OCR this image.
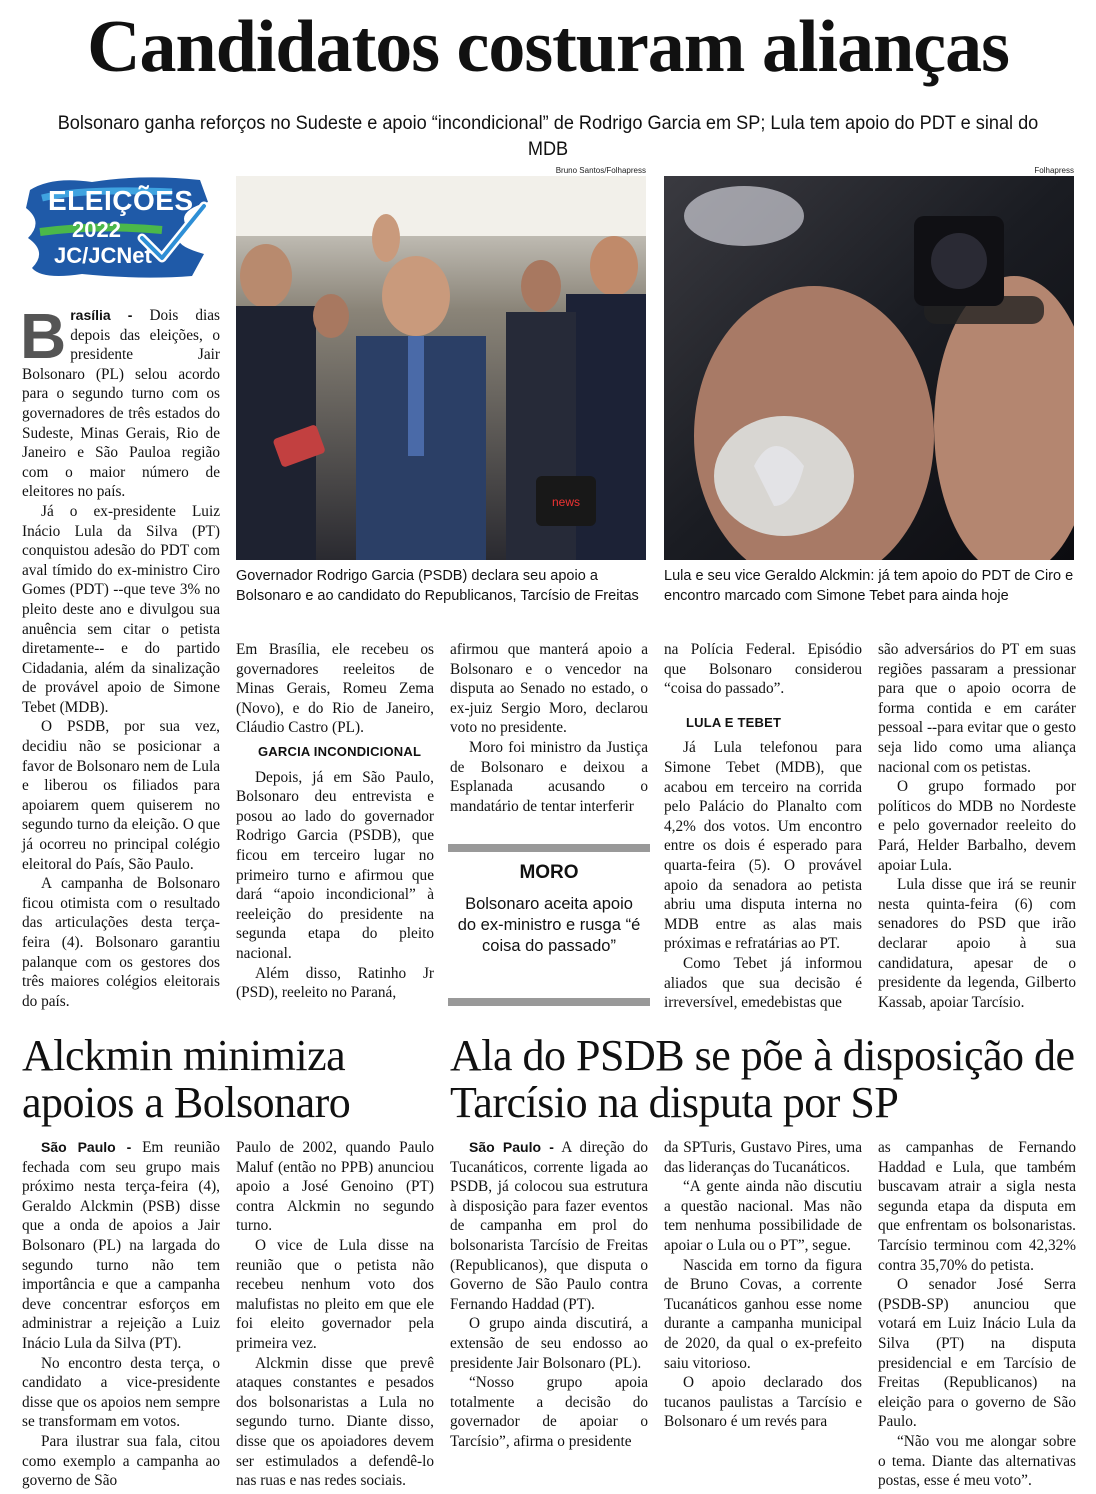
Candidatos costuram alianças
Bolsonaro ganha reforços no Sudeste e apoio “incondicional” de Rodrigo Garcia em SP; Lula tem apoio do PDT e sinal do MDB
ELEIÇÕES
2022
JC/JCNet
Bruno Santos/Folhapress
news
Governador Rodrigo Garcia (PSDB) declara seu apoio a Bolsonaro e ao candidato do Republicanos, Tarcísio de Freitas
Folhapress
Lula e seu vice Geraldo Alckmin: já tem apoio do PDT de Ciro e encontro marcado com Simone Tebet para ainda hoje
B rasília - Dois dias depois das eleições, o presidente Jair Bolsonaro (PL) selou acordo para o segundo turno com os governadores de três estados do Sudeste, Minas Gerais, Rio de Janeiro e São Pauloa região com o maior número de eleitores no país.

Já o ex-presidente Luiz Inácio Lula da Silva (PT) conquistou adesão do PDT com aval tímido do ex-ministro Ciro Gomes (PDT) --que teve 3% no pleito deste ano e divulgou sua anuência sem citar o petista diretamente-- e do partido Cidadania, além da sinalização de provável apoio de Simone Tebet (MDB).

O PSDB, por sua vez, decidiu não se posicionar a favor de Bolsonaro nem de Lula e liberou os filiados para apoiarem quem quiserem no segundo turno da eleição. O que já ocorreu no principal colégio eleitoral do País, São Paulo.

A campanha de Bolsonaro ficou otimista com o resultado das articulações desta terça-feira (4). Bolsonaro garantiu palanque com os gestores dos três maiores colégios eleitorais do país.

Em Brasília, ele recebeu os governadores reeleitos de Minas Gerais, Romeu Zema (Novo), e do Rio de Janeiro, Cláudio Castro (PL).

GARCIA INCONDICIONAL

Depois, já em São Paulo, Bolsonaro deu entrevista e posou ao lado do governador Rodrigo Garcia (PSDB), que ficou em terceiro lugar no primeiro turno e afirmou que dará “apoio incondicional” à reeleição do presidente na segunda etapa do pleito nacional.

Além disso, Ratinho Jr (PSD), reeleito no Paraná,

afirmou que manterá apoio a Bolsonaro e o vencedor na disputa ao Senado no estado, o ex-juiz Sergio Moro, declarou voto no presidente.

Moro foi ministro da Justiça de Bolsonaro e deixou a Esplanada acusando o mandatário de tentar interferir

MORO
Bolsonaro aceita apoio do ex-ministro e rusga “é coisa do passado”

na Polícia Federal. Episódio que Bolsonaro considerou “coisa do passado”.

LULA E TEBET

Já Lula telefonou para Simone Tebet (MDB), que acabou em terceiro na corrida pelo Palácio do Planalto com 4,2% dos votos. Um encontro entre os dois é esperado para quarta-feira (5). O provável apoio da senadora ao petista abriu uma disputa interna no MDB entre as alas mais próximas e refratárias ao PT.

Como Tebet já informou aliados que sua decisão é irreversível, emedebistas que

são adversários do PT em suas regiões passaram a pressionar para que o apoio ocorra de forma contida e em caráter pessoal --para evitar que o gesto seja lido como uma aliança nacional com os petistas.

O grupo formado por políticos do MDB no Nordeste e pelo governador reeleito do Pará, Helder Barbalho, devem apoiar Lula.

Lula disse que irá se reunir nesta quinta-feira (6) com senadores do PSD que irão declarar apoio à sua candidatura, apesar de o presidente da legenda, Gilberto Kassab, apoiar Tarcísio.

Alckmin minimiza apoios a Bolsonaro

São Paulo - Em reunião fechada com seu grupo mais próximo nesta terça-feira (4), Geraldo Alckmin (PSB) disse que a onda de apoios a Jair Bolsonaro (PL) na largada do segundo turno não tem importância e que a campanha deve concentrar esforços em administrar a rejeição a Luiz Inácio Lula da Silva (PT).

No encontro desta terça, o candidato a vice-presidente disse que os apoios nem sempre se transformam em votos.

Para ilustrar sua fala, citou como exemplo a campanha ao governo de São

Paulo de 2002, quando Paulo Maluf (então no PPB) anunciou apoio a José Genoino (PT) contra Alckmin no segundo turno.

O vice de Lula disse na reunião que o petista não recebeu nenhum voto dos malufistas no pleito em que ele foi eleito governador pela primeira vez.

Alckmin disse que prevê ataques constantes e pesados dos bolsonaristas a Lula no segundo turno. Diante disso, disse que os apoiadores devem ser estimulados a defendê-lo nas ruas e nas redes sociais.

Ala do PSDB se põe à disposição de Tarcísio na disputa por SP

São Paulo - A direção do Tucanáticos, corrente ligada ao PSDB, já colocou sua estrutura à disposição para fazer eventos de campanha em prol do bolsonarista Tarcísio de Freitas (Republicanos), que disputa o Governo de São Paulo contra Fernando Haddad (PT).

O grupo ainda discutirá, a extensão de seu endosso ao presidente Jair Bolsonaro (PL).

“Nosso grupo apoia totalmente a decisão do governador de apoiar o Tarcísio”, afirma o presidente

da SPTuris, Gustavo Pires, uma das lideranças do Tucanáticos.

“A gente ainda não discutiu a questão nacional. Mas não tem nenhuma possibilidade de apoiar o Lula ou o PT”, segue.

Nascida em torno da figura de Bruno Covas, a corrente Tucanáticos ganhou esse nome durante a campanha municipal de 2020, da qual o ex-prefeito saiu vitorioso.

O apoio declarado dos tucanos paulistas a Tarcísio e Bolsonaro é um revés para

as campanhas de Fernando Haddad e Lula, que também buscavam atrair a sigla nesta segunda etapa da disputa em que enfrentam os bolsonaristas. Tarcísio terminou com 42,32% contra 35,70% do petista.

O senador José Serra (PSDB-SP) anunciou que votará em Luiz Inácio Lula da Silva (PT) na disputa presidencial e em Tarcísio de Freitas (Republicanos) na eleição para o governo de São Paulo.

“Não vou me alongar sobre o tema. Diante das alternativas postas, esse é meu voto”.
